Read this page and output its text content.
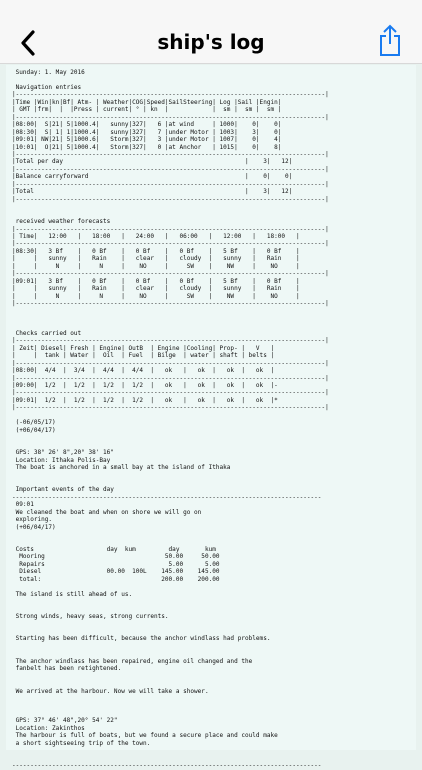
ship's log
Sunday: 1. May 2016

Navigation entries
|-------------------------------------------------------------------------------------|
|Time |Win|kn|Bf| Atm- | Weather|COG|Speed|SailSteering| Log |Sail |Engin|
| GMT |frm|  |  |Press | current| ° | kn  |            |  sm |  sm |  sm |
|-------------------------------------------------------------------------------------|
|08:00|  S|21| 5|1000.4|   sunny|327|   6 |at wind     | 1000|    0|    0|
|08:30|  S| 1| 1|1000.4|   sunny|327|   7 |under Motor | 1003|    3|    0|
|09:01| NW|21| 5|1000.6|   Storm|327|   3 |under Motor | 1007|    0|    4|
|10:01|  O|21| 5|1000.4|   Storm|327|   0 |at Anchor   | 1015|    0|    8|
|-------------------------------------------------------------------------------------|
|Total per day                                                  |    3|   12|
|-------------------------------------------------------------------------------------|
|Balance carryforward                                           |    0|    0|
|-------------------------------------------------------------------------------------|
|Total                                                          |    3|   12|
|-------------------------------------------------------------------------------------|

received weather forecasts
|-------------------------------------------------------------------------------------|
| Time|   12:00   |   18:00   |   24:00   |   06:00   |   12:00   |   18:00   |
|-------------------------------------------------------------------------------------|
|08:30|   3 Bf    |   0 Bf    |   0 Bf    |   0 Bf    |   5 Bf    |   0 Bf    |
|     |   sunny   |   Rain    |   clear   |   cloudy  |   sunny   |   Rain    |
|     |     N     |     N     |    NO     |     SW    |    NW     |    NO     |
|-------------------------------------------------------------------------------------|
|09:01|   3 Bf    |   0 Bf    |   0 Bf    |   0 Bf    |   5 Bf    |   0 Bf    |
|     |   sunny   |   Rain    |   clear   |   cloudy  |   sunny   |   Rain    |
|     |     N     |     N     |    NO     |     SW    |    NW     |    NO     |
|-------------------------------------------------------------------------------------|

Checks carried out
|-------------------------------------------------------------------------------------|
| Zeit| Diesel| Fresh | Engine| OutB  | Engine |Cooling| Prop- |   V   |
|     |  tank | Water |  Oil  | Fuel  | Bilge  | water | shaft | belts |
|-------------------------------------------------------------------------------------|
|08:00|  4/4  |  3/4  |  4/4  |  4/4  |   ok   |   ok  |   ok  |   ok  |
|-------------------------------------------------------------------------------------|
|09:00|  1/2  |  1/2  |  1/2  |  1/2  |   ok   |   ok  |   ok  |   ok  |-
|-------------------------------------------------------------------------------------|
|09:01|  1/2  |  1/2  |  1/2  |  1/2  |   ok   |   ok  |   ok  |   ok  |*
|-------------------------------------------------------------------------------------|

(-06/05/17)
(+06/04/17)

GPS: 38° 26' 8",20° 38' 16"
Location: Ithaka Polis-Bay
The boat is anchored in a small bay at the island of Ithaka

Important events of the day
-------------------------------------------------------------------------------------
09:01
We cleaned the boat and when on shore we will go on
exploring.
(+06/04/17)

Costs                    day  kum         day       kum
Mooring                                 50.00     50.00
Repairs                                  5.00      5.00
Diesel                  00.00  100L    145.00    145.00
total:                                 200.00    200.00

The island is still ahead of us.

Strong winds, heavy seas, strong currents.

Starting has been difficult, because the anchor windlass had problems.

The anchor windlass has been repaired, engine oil changed and the
fanbelt has been retightened.

We arrived at the harbour. Now we will take a shower.

GPS: 37° 46' 48",20° 54' 22"
Location: Zakinthos
The harbour is full of boats, but we found a secure place and could make
a short sightseeing trip of the town.

-------------------------------------------------------------------------------------
